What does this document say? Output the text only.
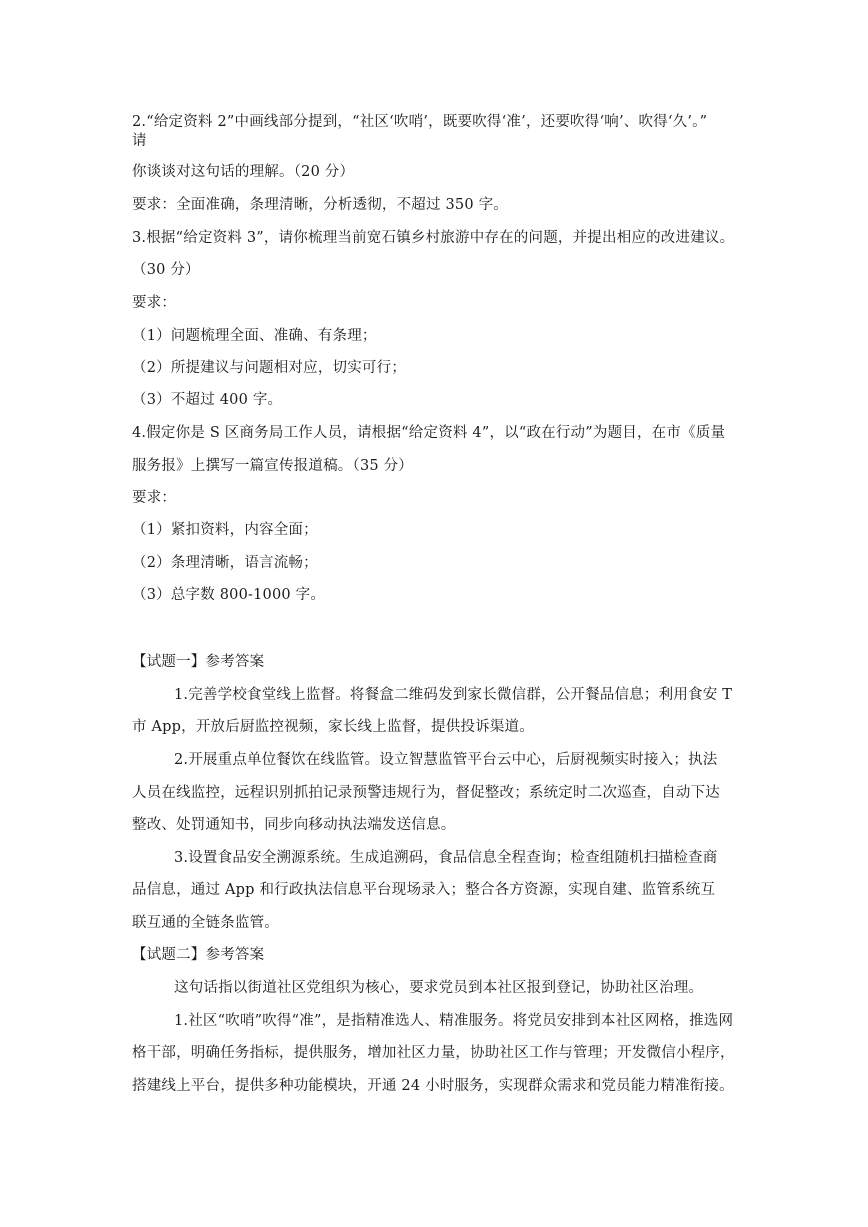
2.“给定资料 2”中画线部分提到，“社区‘吹哨’，既要吹得‘准’，还要吹得‘响’、吹得‘久’。”

请

你谈谈对这句话的理解。（20 分）

要求：全面准确，条理清晰，分析透彻，不超过 350 字。

3.根据“给定资料 3”，请你梳理当前宽石镇乡村旅游中存在的问题，并提出相应的改进建议。

（30 分）

要求：

（1）问题梳理全面、准确、有条理；

（2）所提建议与问题相对应，切实可行；

（3）不超过 400 字。

4.假定你是 S 区商务局工作人员，请根据“给定资料 4”，以“政在行动”为题目，在市《质量

服务报》上撰写一篇宣传报道稿。（35 分）

要求：

（1）紧扣资料，内容全面；

（2）条理清晰，语言流畅；

（3）总字数 800-1000 字。

【试题一】参考答案

1.完善学校食堂线上监督。将餐盒二维码发到家长微信群，公开餐品信息；利用食安 T

市 App，开放后厨监控视频，家长线上监督，提供投诉渠道。

2.开展重点单位餐饮在线监管。设立智慧监管平台云中心，后厨视频实时接入；执法

人员在线监控，远程识别抓拍记录预警违规行为，督促整改；系统定时二次巡查，自动下达

整改、处罚通知书，同步向移动执法端发送信息。

3.设置食品安全溯源系统。生成追溯码，食品信息全程查询；检查组随机扫描检查商

品信息，通过 App 和行政执法信息平台现场录入；整合各方资源，实现自建、监管系统互

联互通的全链条监管。

【试题二】参考答案

这句话指以街道社区党组织为核心，要求党员到本社区报到登记，协助社区治理。

1.社区“吹哨”吹得“准”，是指精准选人、精准服务。将党员安排到本社区网格，推选网

格干部，明确任务指标，提供服务，增加社区力量，协助社区工作与管理；开发微信小程序，

搭建线上平台，提供多种功能模块，开通 24 小时服务，实现群众需求和党员能力精准衔接。
